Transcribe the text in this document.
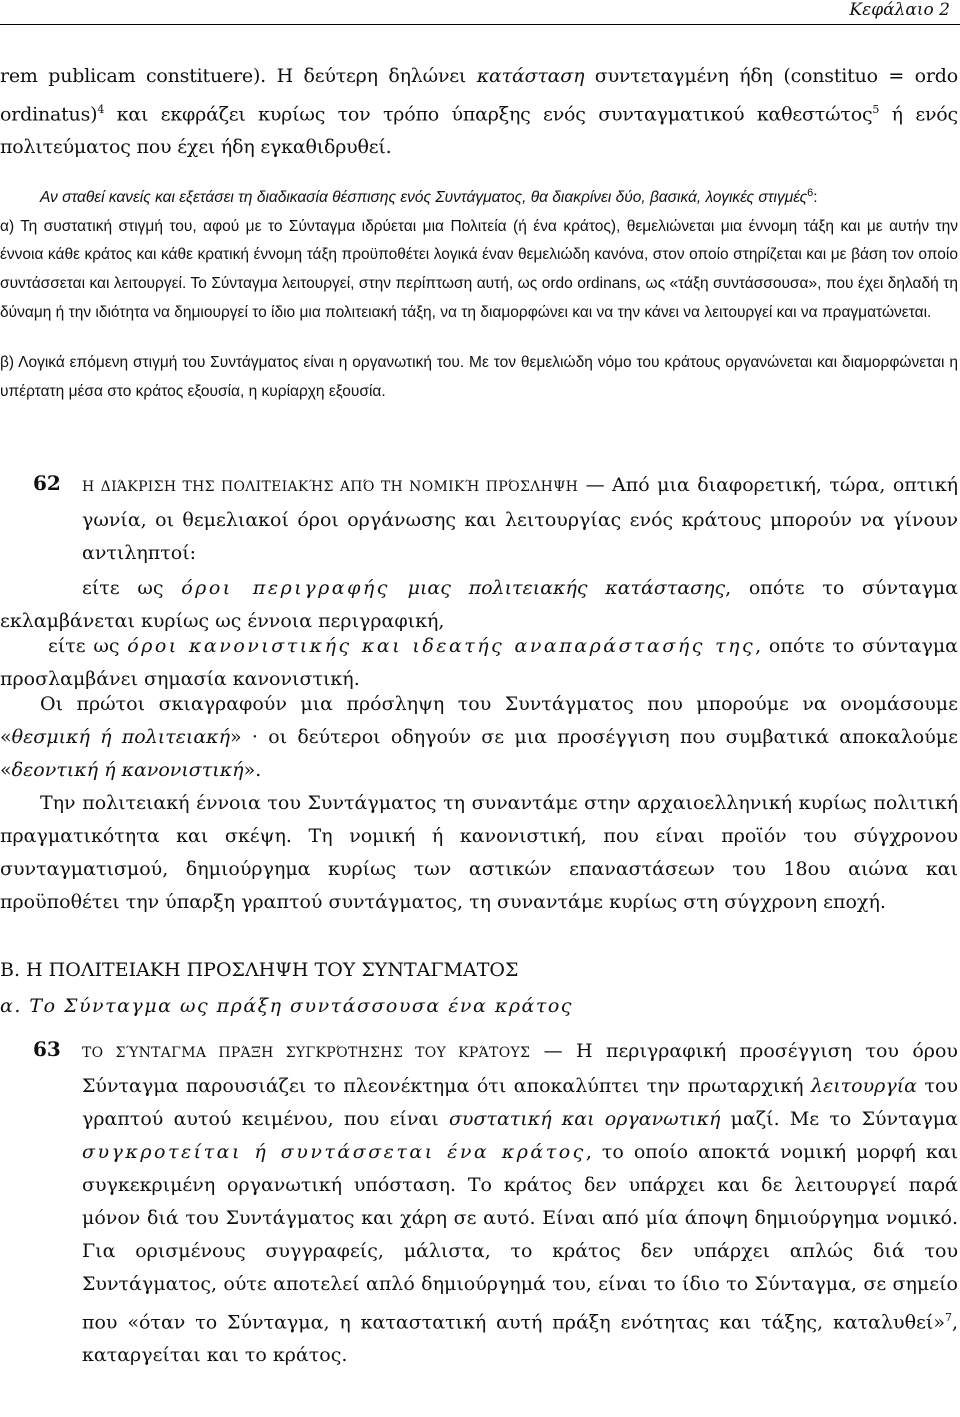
Κεφάλαιο 2

rem publicam constituere). Η δεύτερη δηλώνει κατάσταση συντεταγμένη ήδη (constituo = ordo ordinatus)$^4$ και εκφράζει κυρίως τον τρόπο ύπαρξης ενός συνταγματικού καθεστώτος$^5$ ή ενός πολιτεύματος που έχει ήδη εγκαθιδρυθεί.

Αν σταθεί κανείς και εξετάσει τη διαδικασία θέσπισης ενός Συντάγματος, θα διακρίνει δύο, βασικά, λογικές στιγμές$^6$:

α) Τη συστατική στιγμή του, αφού με το Σύνταγμα ιδρύεται μια Πολιτεία (ή ένα κράτος), θεμελιώνεται μια έννομη τάξη και με αυτήν την έννοια κάθε κράτος και κάθε κρατική έννομη τάξη προϋποθέτει λογικά έναν θεμελιώδη κανόνα, στον οποίο στηρίζεται και με βάση τον οποίο συντάσσεται και λειτουργεί. Το Σύνταγμα λειτουργεί, στην περίπτωση αυτή, ως ordo ordinans, ως «τάξη συντάσσουσα», που έχει δηλαδή τη δύναμη ή την ιδιότητα να δημιουργεί το ίδιο μια πολιτειακή τάξη, να τη διαμορφώνει και να την κάνει να λειτουργεί και να πραγματώνεται.

β) Λογικά επόμενη στιγμή του Συντάγματος είναι η οργανωτική του. Με τον θεμελιώδη νόμο του κράτους οργανώνεται και διαμορφώνεται η υπέρτατη μέσα στο κράτος εξουσία, η κυρίαρχη εξουσία.

62 Η ΔΙΆΚΡΙΣΗ ΤΗΣ ΠΟΛΙΤΕΙΑΚΉΣ ΑΠΌ ΤΗ ΝΟΜΙΚΉ ΠΡΌΣΛΗΨΗ — Από μια διαφορετική, τώρα, οπτική γωνία, οι θεμελιακοί όροι οργάνωσης και λειτουργίας ενός κράτους μπορούν να γίνουν αντιληπτοί:

είτε ως όροι περιγραφής μιας πολιτειακής κατάστασης, οπότε το σύνταγμα εκλαμβάνεται κυρίως ως έννοια περιγραφική,

είτε ως όροι κανονιστικής και ιδεατής αναπαράστασής της, οπότε το σύνταγμα προσλαμβάνει σημασία κανονιστική.

Οι πρώτοι σκιαγραφούν μια πρόσληψη του Συντάγματος που μπορούμε να ονομάσουμε «θεσμική ή πολιτειακή» · οι δεύτεροι οδηγούν σε μια προσέγγιση που συμβατικά αποκαλούμε «δεοντική ή κανονιστική».

Την πολιτειακή έννοια του Συντάγματος τη συναντάμε στην αρχαιοελληνική κυρίως πολιτική πραγματικότητα και σκέψη. Τη νομική ή κανονιστική, που είναι προϊόν του σύγχρονου συνταγματισμού, δημιούργημα κυρίως των αστικών επαναστάσεων του 18ου αιώνα και προϋποθέτει την ύπαρξη γραπτού συντάγματος, τη συναντάμε κυρίως στη σύγχρονη εποχή.

Β. Η ΠΟΛΙΤΕΙΑΚΗ ΠΡΟΣΛΗΨΗ ΤΟΥ ΣΥΝΤΑΓΜΑΤΟΣ
α. Το Σύνταγμα ως πράξη συντάσσουσα ένα κράτος
63 ΤΟ ΣΎΝΤΑΓΜΑ ΠΡΆΞΗ ΣΥΓΚΡΌΤΗΣΗΣ ΤΟΥ ΚΡΆΤΟΥΣ — Η περιγραφική προσέγγιση του όρου Σύνταγμα παρουσιάζει το πλεονέκτημα ότι αποκαλύπτει την πρωταρχική λειτουργία του γραπτού αυτού κειμένου, που είναι συστατική και οργανωτική μαζί. Με το Σύνταγμα συγκροτείται ή συντάσσεται ένα κράτος, το οποίο αποκτά νομική μορφή και συγκεκριμένη οργανωτική υπόσταση. Το κράτος δεν υπάρχει και δε λειτουργεί παρά μόνον διά του Συντάγματος και χάρη σε αυτό. Είναι από μία άποψη δημιούργημα νομικό. Για ορισμένους συγγραφείς, μάλιστα, το κράτος δεν υπάρχει απλώς διά του Συντάγματος, ούτε αποτελεί απλό δημιούργημά του, είναι το ίδιο το Σύνταγμα, σε σημείο που «όταν το Σύνταγμα, η καταστατική αυτή πράξη ενότητας και τάξης, καταλυθεί»$^7$, καταργείται και το κράτος.
